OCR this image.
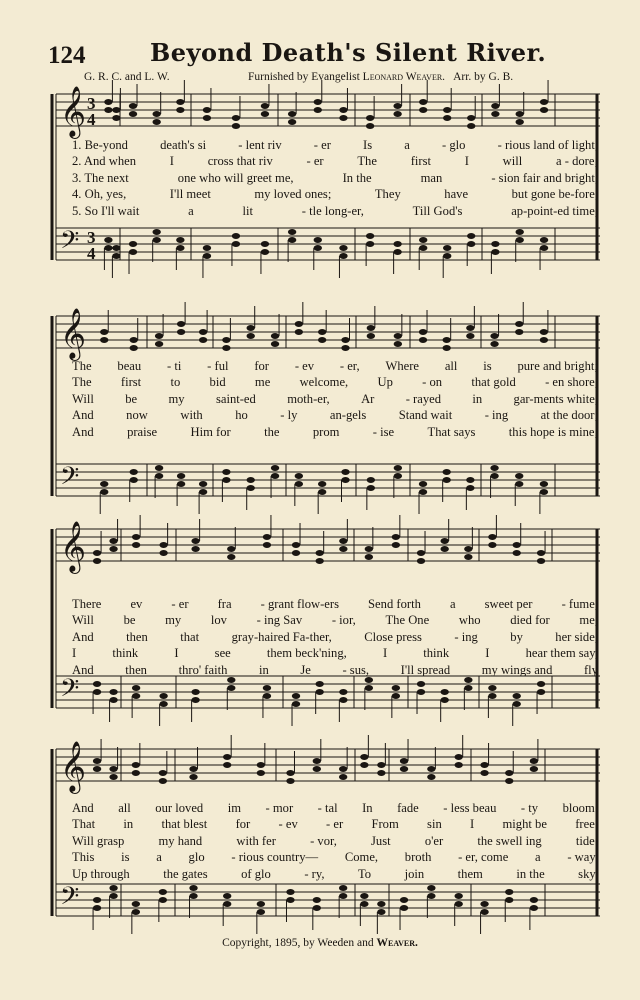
124	Beyond Death's Silent River.
G. R. C. and L. W.	Furnished by Evangelist Leonard Weaver. Arr. by G. B.
𝄞
𝄢
3
4
3
4
𝄞
𝄢
𝄞
𝄢
𝄞
𝄢
1. Be-yond	death's si	- lent riv	- er	Is	a	- glo	- rious land of light,
2. And when	I	cross that riv	- er	The	first	I	will	a - dore;
3. The next	one who will greet me,	In the	man	- sion fair and bright,
4. Oh, yes,	I'll meet	my loved ones;	They	have	but gone be-fore,
5. So I'll wait	a	lit	- tle long-er,	Till God's	ap-point-ed time,
The beau - ti - ful for - ev - er, Where all is pure and bright;
The first to bid me welcome, Up - on that gold - en shore,
Will be my saint-ed moth-er, Ar - rayed in gar-ments white,
And	now	with	ho	- ly	an-gels	Stand wait	- ing	at the door;
And	praise	Him for	the	prom	- ise	That says	this hope is mine;
There ev - er fra - grant flow-ers Send forth a sweet per - fume,
Will be my lov - ing Sav - ior, The One who died for me,
And	then	that	gray-haired Fa-ther,	Close press	- ing	by	her side,
I	think	I	see	them beck'ning,	I	think	I	hear them say,
And	then	thro' faith	in	Je	- sus,	I'll spread	my wings and	fly
And all our loved im - mor - tal In fade - less beau - ty bloom.
That in that blest for - ev - er From sin I might be free.
Will grasp	my hand	with fer	- vor,	Just	o'er	the swell ing	tide.
This is a glo - rious country— Come, broth - er, come a - way.
Up through	the gates	of glo	- ry,	To	join	them	in the	sky.
Copyright, 1895, by Weeden and Weaver.
